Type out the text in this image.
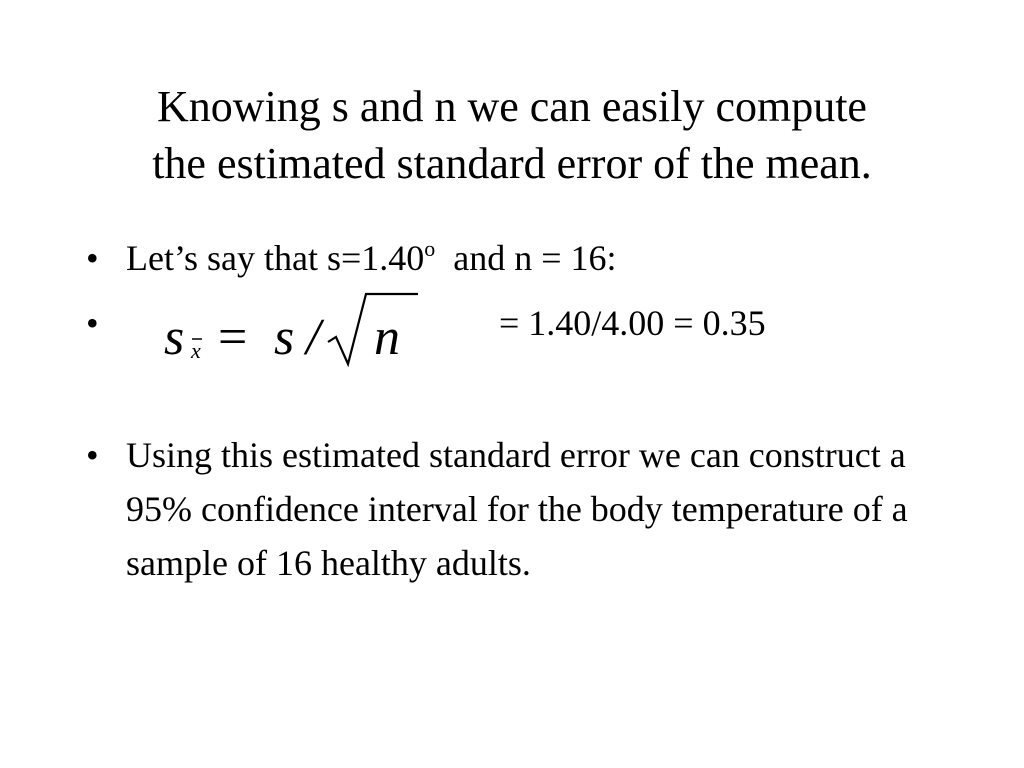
Knowing s and n we can easily compute
the estimated standard error of the mean.
• Let’s say that $s=1.40^o$  and n = 16:
• s x = s / n	= 1.40/4.00 = 0.35
• Using this estimated standard error we can construct a 95% confidence interval for the body temperature of a sample of 16 healthy adults.
